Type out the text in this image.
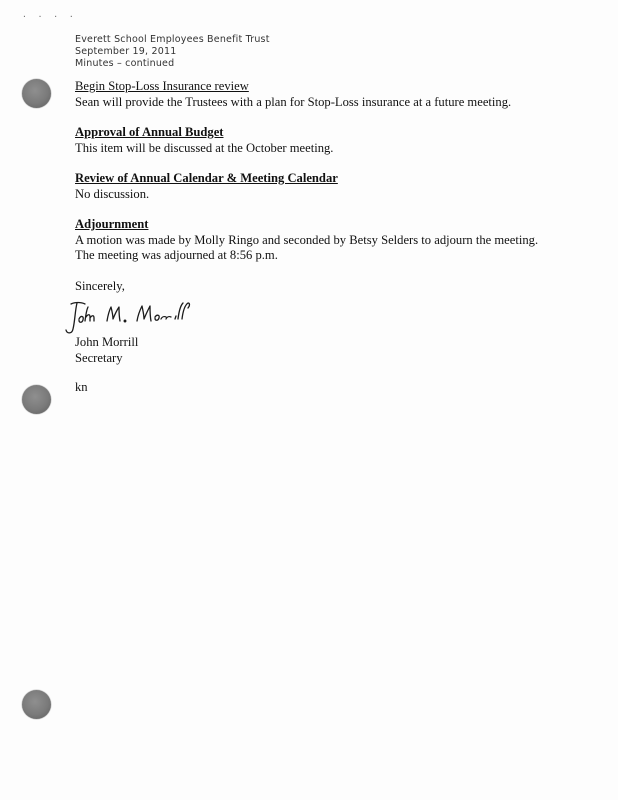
· · · ·
Everett School Employees Benefit Trust
September 19, 2011
Minutes – continued
Begin Stop-Loss Insurance review
Sean will provide the Trustees with a plan for Stop-Loss insurance at a future meeting.
Approval of Annual Budget
This item will be discussed at the October meeting.
Review of Annual Calendar & Meeting Calendar
No discussion.
Adjournment
A motion was made by Molly Ringo and seconded by Betsy Selders to adjourn the meeting.
The meeting was adjourned at 8:56 p.m.
Sincerely,
John Morrill
Secretary
kn
